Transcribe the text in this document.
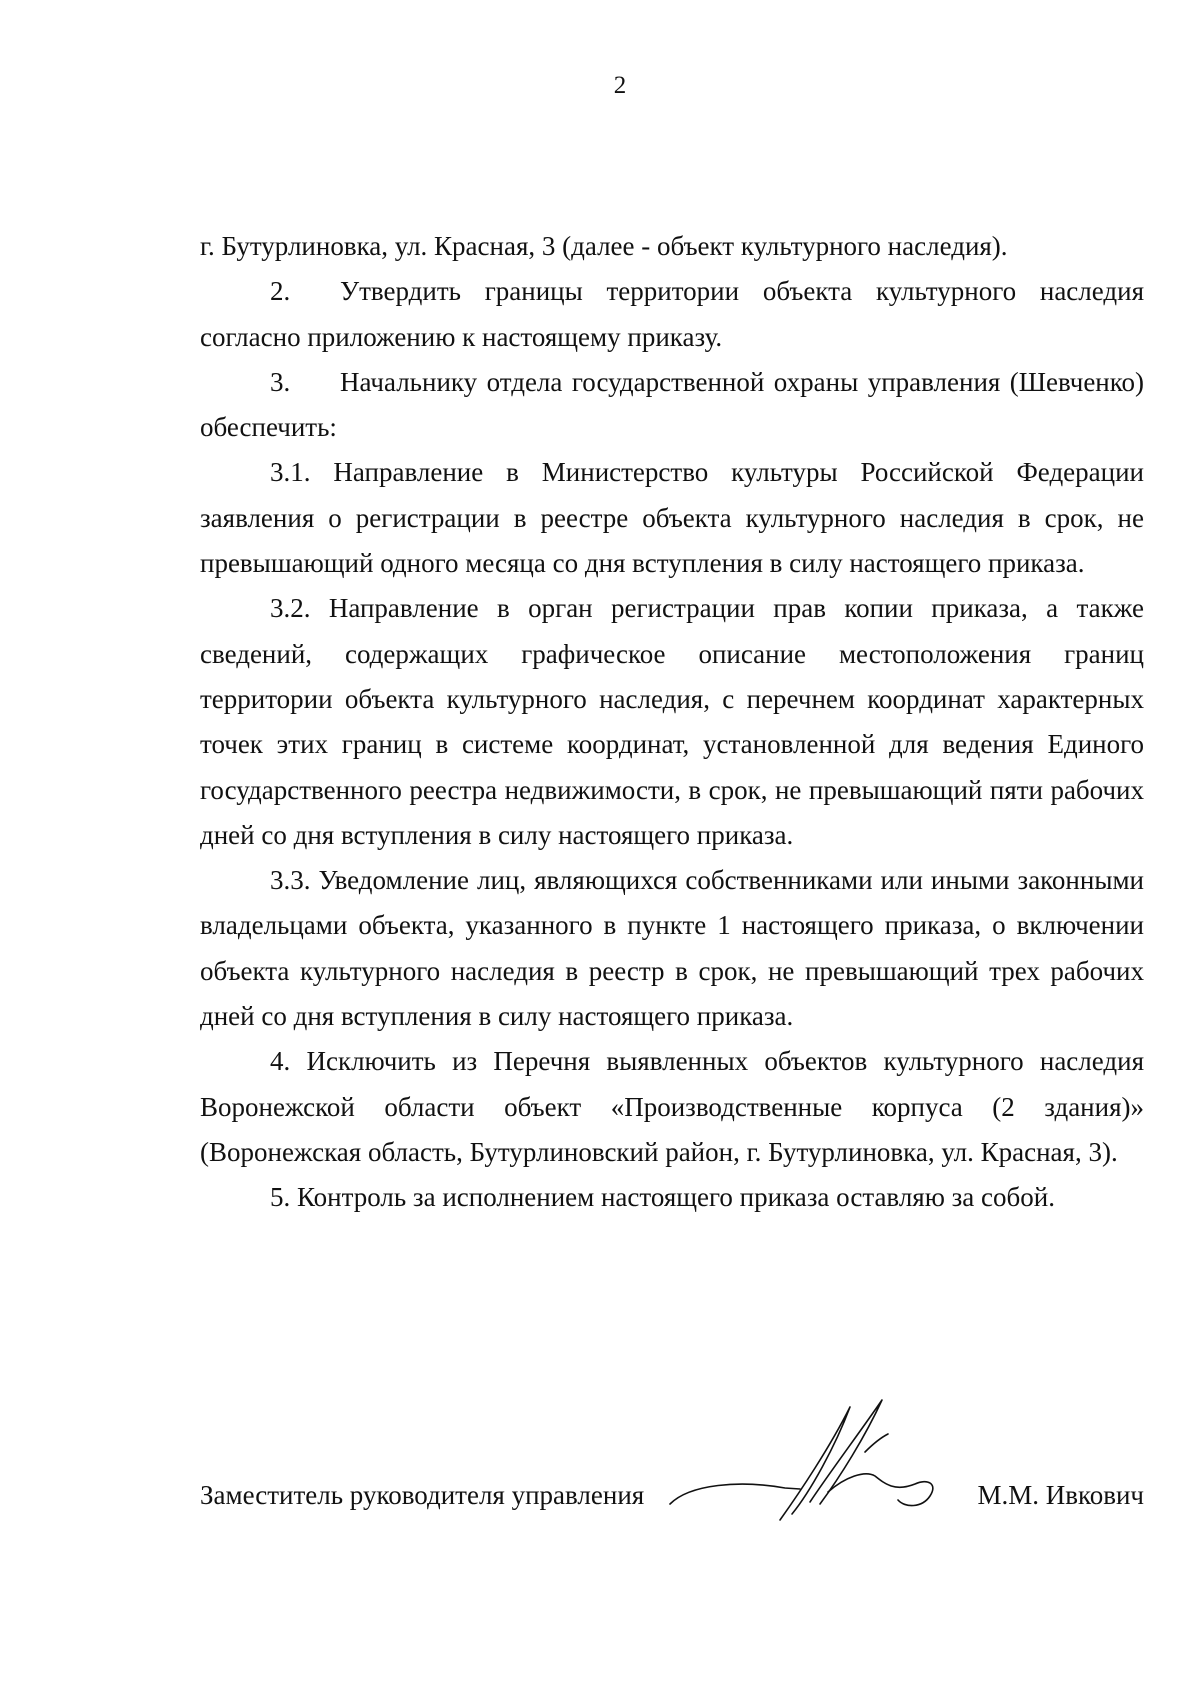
2

г. Бутурлиновка, ул. Красная, 3 (далее - объект культурного наследия).

2. Утвердить границы территории объекта культурного наследия согласно приложению к настоящему приказу.

3. Начальнику отдела государственной охраны управления (Шевченко) обеспечить:

3.1. Направление в Министерство культуры Российской Федерации заявления о регистрации в реестре объекта культурного наследия в срок, не превышающий одного месяца со дня вступления в силу настоящего приказа.

3.2. Направление в орган регистрации прав копии приказа, а также сведений, содержащих графическое описание местоположения границ территории объекта культурного наследия, с перечнем координат характерных точек этих границ в системе координат, установленной для ведения Единого государственного реестра недвижимости, в срок, не превышающий пяти рабочих дней со дня вступления в силу настоящего приказа.

3.3. Уведомление лиц, являющихся собственниками или иными законными владельцами объекта, указанного в пункте 1 настоящего приказа, о включении объекта культурного наследия в реестр в срок, не превышающий трех рабочих дней со дня вступления в силу настоящего приказа.

4. Исключить из Перечня выявленных объектов культурного наследия Воронежской области объект «Производственные корпуса (2 здания)» (Воронежская область, Бутурлиновский район, г. Бутурлиновка, ул. Красная, 3).

5. Контроль за исполнением настоящего приказа оставляю за собой.

Заместитель руководителя управления	М.М. Ивкович
